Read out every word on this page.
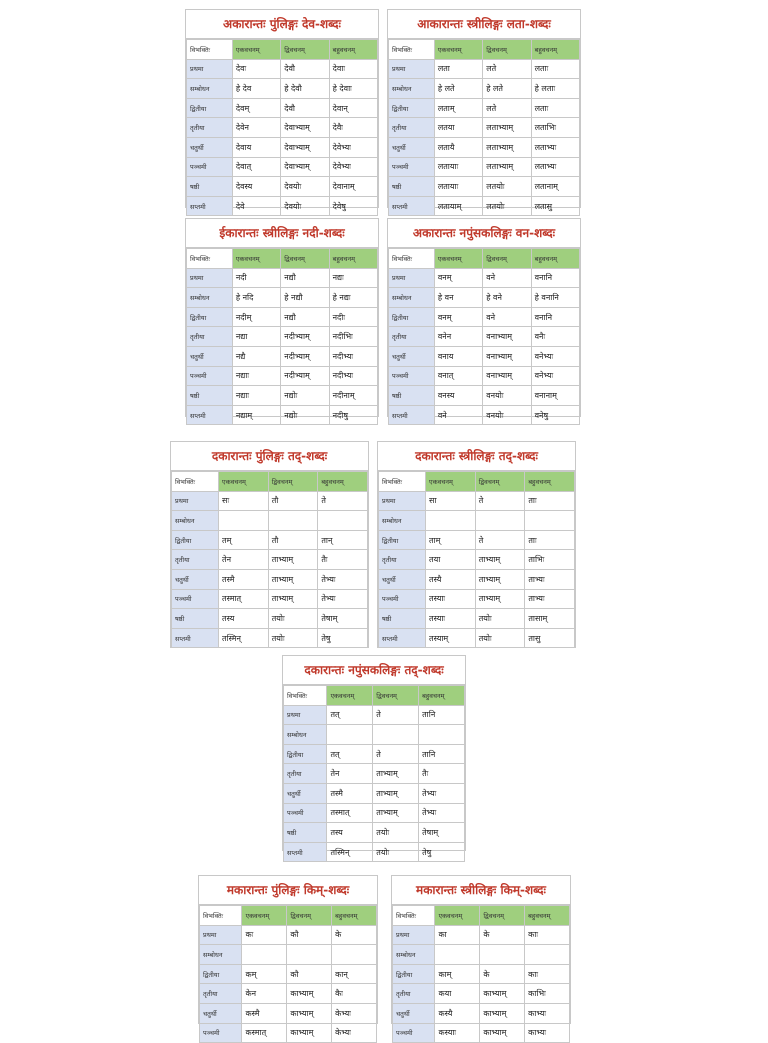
अकारान्तः पुंलिङ्गः देव-शब्दः
विभक्तिः	एकवचनम्	द्विवचनम्	बहुवचनम्
प्रथमा	देवः	देवौ	देवाः
सम्बोधन	हे देव	हे देवौ	हे देवाः
द्वितीया	देवम्	देवौ	देवान्
तृतीया	देवेन	देवाभ्याम्	देवैः
चतुर्थी	देवाय	देवाभ्याम्	देवेभ्यः
पञ्चमी	देवात्	देवाभ्याम्	देवेभ्यः
षष्ठी	देवस्य	देवयोः	देवानाम्
सप्तमी	देवे	देवयोः	देवेषु
आकारान्तः स्त्रीलिङ्गः लता-शब्दः
विभक्तिः	एकवचनम्	द्विवचनम्	बहुवचनम्
प्रथमा	लता	लते	लताः
सम्बोधन	हे लते	हे लते	हे लताः
द्वितीया	लताम्	लते	लताः
तृतीया	लतया	लताभ्याम्	लताभिः
चतुर्थी	लतायै	लताभ्याम्	लताभ्यः
पञ्चमी	लतायाः	लताभ्याम्	लताभ्यः
षष्ठी	लतायाः	लतयोः	लतानाम्
सप्तमी	लतायाम्	लतयोः	लतासु
ईकारान्तः स्त्रीलिङ्गः नदी-शब्दः
विभक्तिः	एकवचनम्	द्विवचनम्	बहुवचनम्
प्रथमा	नदी	नद्यौ	नद्यः
सम्बोधन	हे नदि	हे नद्यौ	हे नद्यः
द्वितीया	नदीम्	नद्यौ	नदीः
तृतीया	नद्या	नदीभ्याम्	नदीभिः
चतुर्थी	नद्यै	नदीभ्याम्	नदीभ्यः
पञ्चमी	नद्याः	नदीभ्याम्	नदीभ्यः
षष्ठी	नद्याः	नद्योः	नदीनाम्
सप्तमी	नद्याम्	नद्योः	नदीषु
अकारान्तः नपुंसकलिङ्गः वन-शब्दः
विभक्तिः	एकवचनम्	द्विवचनम्	बहुवचनम्
प्रथमा	वनम्	वने	वनानि
सम्बोधन	हे वन	हे वने	हे वनानि
द्वितीया	वनम्	वने	वनानि
तृतीया	वनेन	वनाभ्याम्	वनैः
चतुर्थी	वनाय	वनाभ्याम्	वनेभ्यः
पञ्चमी	वनात्	वनाभ्याम्	वनेभ्यः
षष्ठी	वनस्य	वनयोः	वनानाम्
सप्तमी	वने	वनयोः	वनेषु
दकारान्तः पुंलिङ्गः तद्-शब्दः
विभक्तिः	एकवचनम्	द्विवचनम्	बहुवचनम्
प्रथमा	सः	तौ	ते
सम्बोधन			
द्वितीया	तम्	तौ	तान्
तृतीया	तेन	ताभ्याम्	तैः
चतुर्थी	तस्मै	ताभ्याम्	तेभ्यः
पञ्चमी	तस्मात्	ताभ्याम्	तेभ्यः
षष्ठी	तस्य	तयोः	तेषाम्
सप्तमी	तस्मिन्	तयोः	तेषु
दकारान्तः स्त्रीलिङ्गः तद्-शब्दः
विभक्तिः	एकवचनम्	द्विवचनम्	बहुवचनम्
प्रथमा	सा	ते	ताः
सम्बोधन			
द्वितीया	ताम्	ते	ताः
तृतीया	तया	ताभ्याम्	ताभिः
चतुर्थी	तस्यै	ताभ्याम्	ताभ्यः
पञ्चमी	तस्याः	ताभ्याम्	ताभ्यः
षष्ठी	तस्याः	तयोः	तासाम्
सप्तमी	तस्याम्	तयोः	तासु
दकारान्तः नपुंसकलिङ्गः तद्-शब्दः
विभक्तिः	एकवचनम्	द्विवचनम्	बहुवचनम्
प्रथमा	तत्	ते	तानि
सम्बोधन			
द्वितीया	तत्	ते	तानि
तृतीया	तेन	ताभ्याम्	तैः
चतुर्थी	तस्मै	ताभ्याम्	तेभ्यः
पञ्चमी	तस्मात्	ताभ्याम्	तेभ्यः
षष्ठी	तस्य	तयोः	तेषाम्
सप्तमी	तस्मिन्	तयोः	तेषु
मकारान्तः पुंलिङ्गः किम्-शब्दः
विभक्तिः	एकवचनम्	द्विवचनम्	बहुवचनम्
प्रथमा	कः	कौ	के
सम्बोधन			
द्वितीया	कम्	कौ	कान्
तृतीया	केन	काभ्याम्	कैः
चतुर्थी	कस्मै	काभ्याम्	केभ्यः
पञ्चमी	कस्मात्	काभ्याम्	केभ्यः
मकारान्तः स्त्रीलिङ्गः किम्-शब्दः
विभक्तिः	एकवचनम्	द्विवचनम्	बहुवचनम्
प्रथमा	का	के	काः
सम्बोधन			
द्वितीया	काम्	के	काः
तृतीया	कया	काभ्याम्	काभिः
चतुर्थी	कस्यै	काभ्याम्	काभ्यः
पञ्चमी	कस्याः	काभ्याम्	काभ्यः
